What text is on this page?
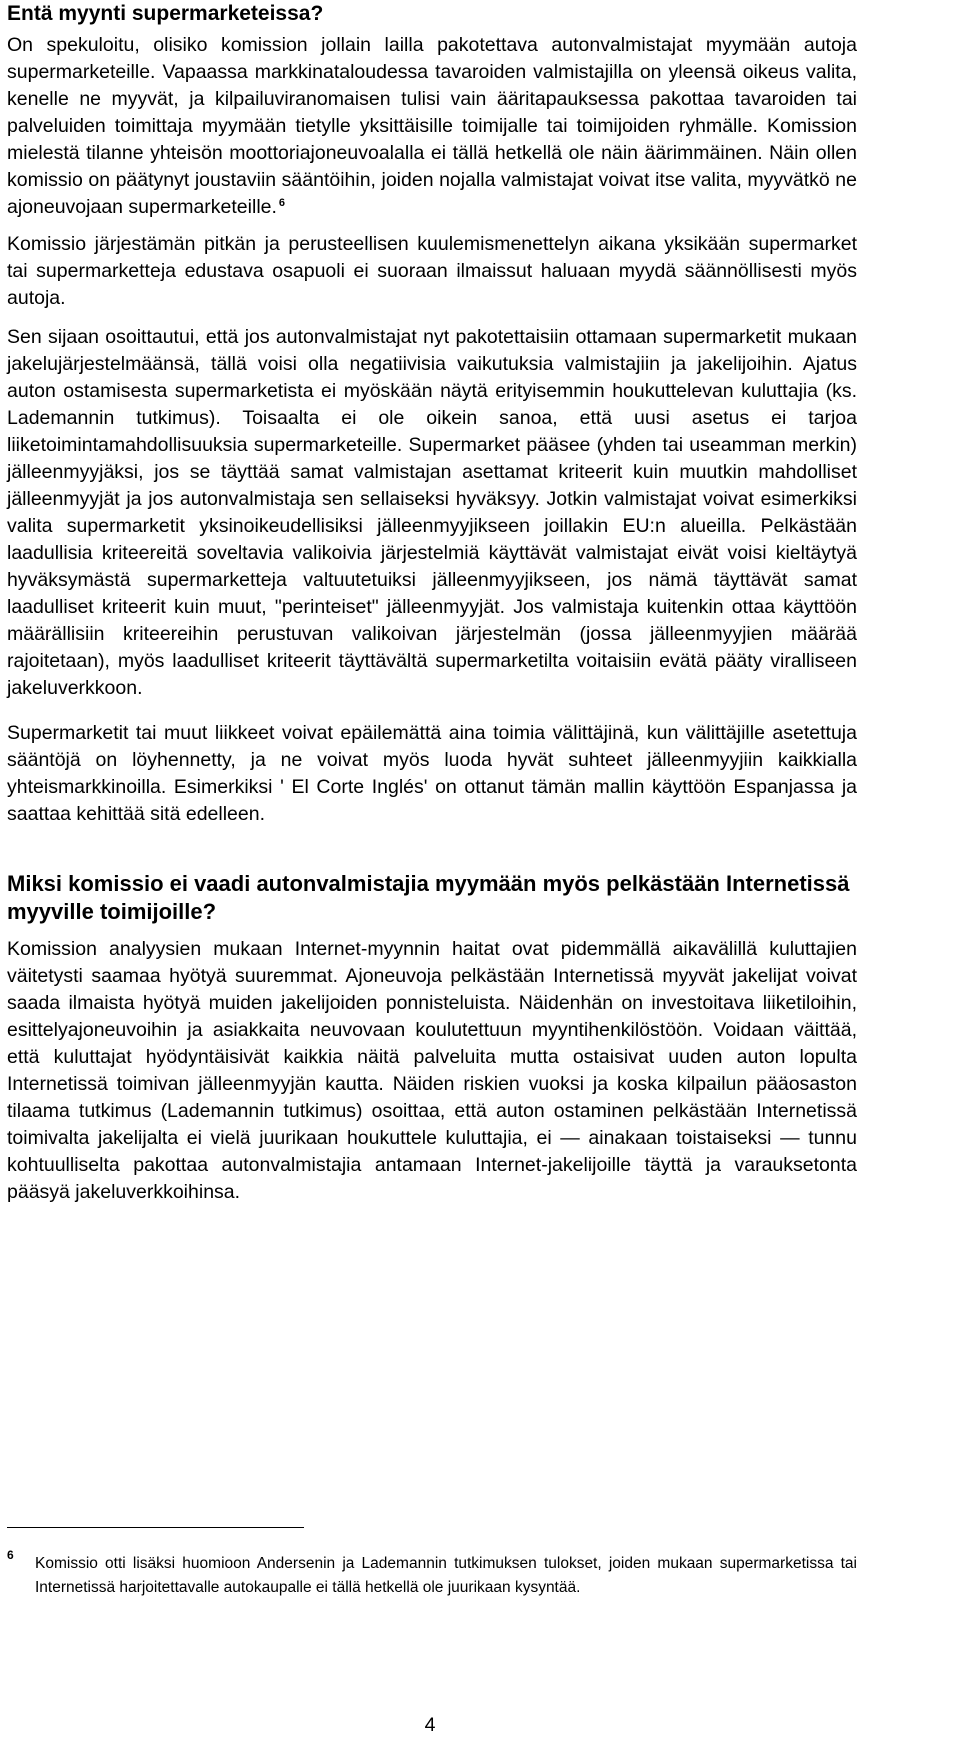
Entä myynti supermarketeissa?

On spekuloitu, olisiko komission jollain lailla pakotettava autonvalmistajat myymään autoja supermarketeille. Vapaassa markkinataloudessa tavaroiden valmistajilla on yleensä oikeus valita, kenelle ne myyvät, ja kilpailuviranomaisen tulisi vain ääritapauksessa pakottaa tavaroiden tai palveluiden toimittaja myymään tietylle yksittäisille toimijalle tai toimijoiden ryhmälle. Komission mielestä tilanne yhteisön moottoriajoneuvoalalla ei tällä hetkellä ole näin äärimmäinen. Näin ollen komissio on päätynyt joustaviin sääntöihin, joiden nojalla valmistajat voivat itse valita, myyvätkö ne ajoneuvojaan supermarketeille. $^6$

Komissio järjestämän pitkän ja perusteellisen kuulemismenettelyn aikana yksikään supermarket tai supermarketteja edustava osapuoli ei suoraan ilmaissut haluaan myydä säännöllisesti myös autoja.

Sen sijaan osoittautui, että jos autonvalmistajat nyt pakotettaisiin ottamaan supermarketit mukaan jakelujärjestelmäänsä, tällä voisi olla negatiivisia vaikutuksia valmistajiin ja jakelijoihin. Ajatus auton ostamisesta supermarketista ei myöskään näytä erityisemmin houkuttelevan kuluttajia (ks. Lademannin tutkimus). Toisaalta ei ole oikein sanoa, että uusi asetus ei tarjoa liiketoimintamahdollisuuksia supermarketeille. Supermarket pääsee (yhden tai useamman merkin) jälleenmyyjäksi, jos se täyttää samat valmistajan asettamat kriteerit kuin muutkin mahdolliset jälleenmyyjät ja jos autonvalmistaja sen sellaiseksi hyväksyy. Jotkin valmistajat voivat esimerkiksi valita supermarketit yksinoikeudellisiksi jälleenmyyjikseen joillakin EU:n alueilla. Pelkästään laadullisia kriteereitä soveltavia valikoivia järjestelmiä käyttävät valmistajat eivät voisi kieltäytyä hyväksymästä supermarketteja valtuutetuiksi jälleenmyyjikseen, jos nämä täyttävät samat laadulliset kriteerit kuin muut, "perinteiset" jälleenmyyjät. Jos valmistaja kuitenkin ottaa käyttöön määrällisiin kriteereihin perustuvan valikoivan järjestelmän (jossa jälleenmyyjien määrää rajoitetaan), myös laadulliset kriteerit täyttävältä supermarketilta voitaisiin evätä pääty viralliseen jakeluverkkoon.

Supermarketit tai muut liikkeet voivat epäilemättä aina toimia välittäjinä, kun välittäjille asetettuja sääntöjä on löyhennetty, ja ne voivat myös luoda hyvät suhteet jälleenmyyjiin kaikkialla yhteismarkkinoilla. Esimerkiksi ' El Corte Inglés' on ottanut tämän mallin käyttöön Espanjassa ja saattaa kehittää sitä edelleen.

Miksi komissio ei vaadi autonvalmistajia myymään myös pelkästään Internetissä myyville toimijoille?

Komission analyysien mukaan Internet-myynnin haitat ovat pidemmällä aikavälillä kuluttajien väitetysti saamaa hyötyä suuremmat. Ajoneuvoja pelkästään Internetissä myyvät jakelijat voivat saada ilmaista hyötyä muiden jakelijoiden ponnisteluista. Näidenhän on investoitava liiketiloihin, esittelyajoneuvoihin ja asiakkaita neuvovaan koulutettuun myyntihenkilöstöön. Voidaan väittää, että kuluttajat hyödyntäisivät kaikkia näitä palveluita mutta ostaisivat uuden auton lopulta Internetissä toimivan jälleenmyyjän kautta. Näiden riskien vuoksi ja koska kilpailun pääosaston tilaama tutkimus (Lademannin tutkimus) osoittaa, että auton ostaminen pelkästään Internetissä toimivalta jakelijalta ei vielä juurikaan houkuttele kuluttajia, ei — ainakaan toistaiseksi — tunnu kohtuulliselta pakottaa autonvalmistajia antamaan Internet-jakelijoille täyttä ja varauksetonta pääsyä jakeluverkkoihinsa.

6	Komissio otti lisäksi huomioon Andersenin ja Lademannin tutkimuksen tulokset, joiden mukaan supermarketissa tai Internetissä harjoitettavalle autokaupalle ei tällä hetkellä ole juurikaan kysyntää.
4
